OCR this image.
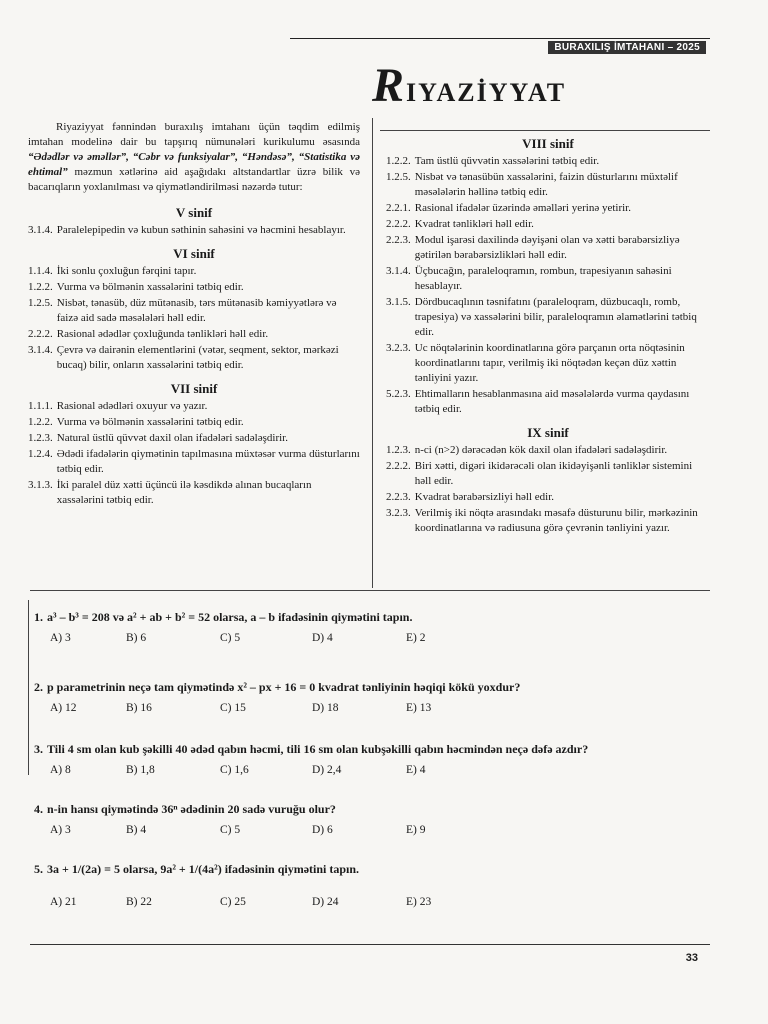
BURAXILIŞ İMTAHANI – 2025
RIYAZİYYAT

Riyaziyyat fənnindən buraxılış imtahanı üçün təqdim edilmiş imtahan modelinə dair bu tapşırıq nümunələri kurikulumu əsasında “Ədədlər və əməllər”, “Cəbr və funksiyalar”, “Həndəsə”, “Statistika və ehtimal” məzmun xətlərinə aid aşağıdakı altstandartlar üzrə bilik və bacarıqların yoxlanılması və qiymətləndirilməsi nəzərdə tutur:

V sinif
3.1.4. Paralelepipedin və kubun səthinin sahəsini və həcmini hesablayır.
VI sinif
1.1.4. İki sonlu çoxluğun fərqini tapır.
1.2.2. Vurma və bölmənin xassələrini tətbiq edir.
1.2.5. Nisbət, tənasüb, düz mütənasib, tərs mütənasib kəmiyyətlərə və faizə aid sadə məsələləri həll edir.
2.2.2. Rasional ədədlər çoxluğunda tənlikləri həll edir.
3.1.4. Çevrə və dairənin elementlərini (vətər, seqment, sektor, mərkəzi bucaq) bilir, onların xassələrini tətbiq edir.
VII sinif
1.1.1. Rasional ədədləri oxuyur və yazır.
1.2.2. Vurma və bölmənin xassələrini tətbiq edir.
1.2.3. Natural üstlü qüvvət daxil olan ifadələri sadələşdirir.
1.2.4. Ədədi ifadələrin qiymətinin tapılmasına müxtəsər vurma düsturlarını tətbiq edir.
3.1.3. İki paralel düz xətti üçüncü ilə kəsdikdə alınan bucaqların xassələrini tətbiq edir.
VIII sinif
1.2.2. Tam üstlü qüvvətin xassələrini tətbiq edir.
1.2.5. Nisbət və tənasübün xassələrini, faizin düsturlarını müxtəlif məsələlərin həllinə tətbiq edir.
2.2.1. Rasional ifadələr üzərində əməlləri yerinə yetirir.
2.2.2. Kvadrat tənlikləri həll edir.
2.2.3. Modul işarəsi daxilində dəyişəni olan və xətti bərabərsizliyə gətirilən bərabərsizlikləri həll edir.
3.1.4. Üçbucağın, paraleloqramın, rombun, trapesiyanın sahəsini hesablayır.
3.1.5. Dördbucaqlının təsnifatını (paraleloqram, düzbucaqlı, romb, trapesiya) və xassələrini bilir, paraleloqramın əlamətlərini tətbiq edir.
3.2.3. Uc nöqtələrinin koordinatlarına görə parçanın orta nöqtəsinin koordinatlarını tapır, verilmiş iki nöqtədən keçən düz xəttin tənliyini yazır.
5.2.3. Ehtimalların hesablanmasına aid məsələlərdə vurma qaydasını tətbiq edir.
IX sinif
1.2.3. n-ci (n>2) dərəcədən kök daxil olan ifadələri sadələşdirir.
2.2.2. Biri xətti, digəri ikidərəcəli olan ikidəyişənli tənliklər sistemini həll edir.
2.2.3. Kvadrat bərabərsizliyi həll edir.
3.2.3. Verilmiş iki nöqtə arasındakı məsafə düsturunu bilir, mərkəzinin koordinatlarına və radiusuna görə çevrənin tənliyini yazır.
1. a³ – b³ = 208 və a² + ab + b² = 52 olarsa, a – b ifadəsinin qiymətini tapın.
A) 3	B) 6	C) 5	D) 4	E) 2
2. p parametrinin neçə tam qiymətində x² – px + 16 = 0 kvadrat tənliyinin həqiqi kökü yoxdur?
A) 12	B) 16	C) 15	D) 18	E) 13
3. Tili 4 sm olan kub şəkilli 40 ədəd qabın həcmi, tili 16 sm olan kubşəkilli qabın həcmindən neçə dəfə azdır?
A) 8	B) 1,8	C) 1,6	D) 2,4	E) 4
4. n-in hansı qiymətində 36ⁿ ədədinin 20 sadə vuruğu olur?
A) 3	B) 4	C) 5	D) 6	E) 9
5. 3a + 1/(2a) = 5 olarsa, 9a² + 1/(4a²) ifadəsinin qiymətini tapın.
A) 21	B) 22	C) 25	D) 24	E) 23
33
